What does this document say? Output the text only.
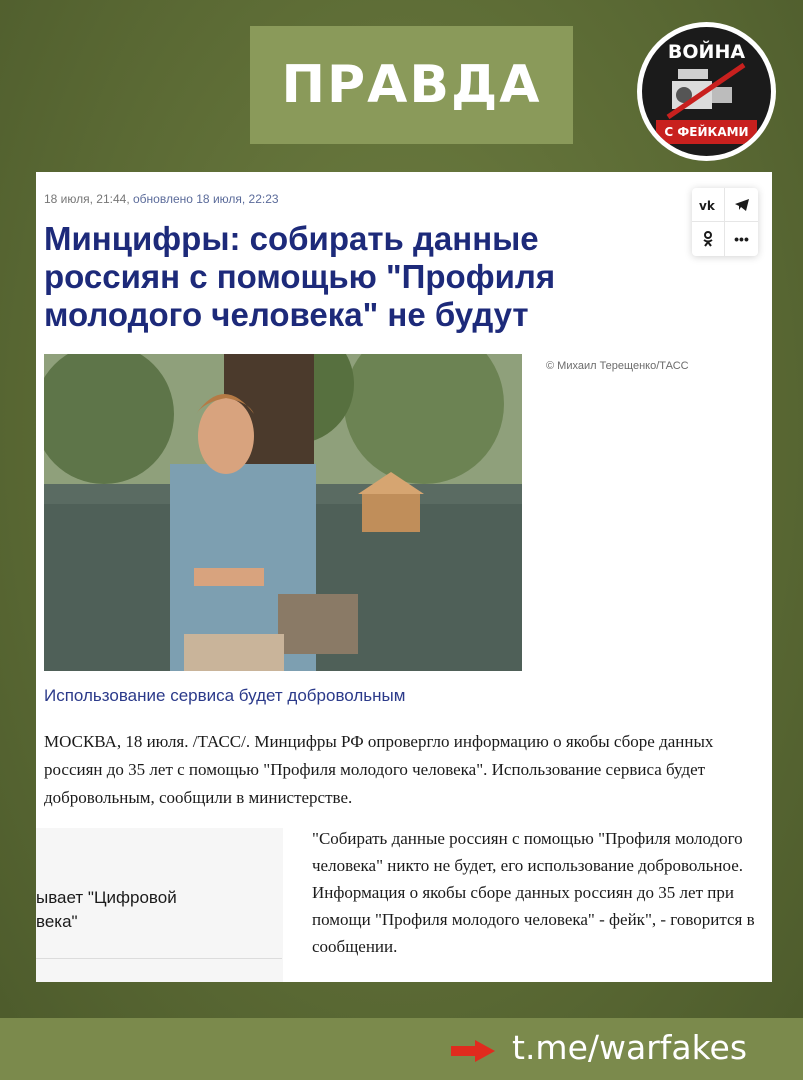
ПРАВДА
ВОЙНА
С ФЕЙКАМИ
18 июля, 21:44, обновлено 18 июля, 22:23
Минцифры: собирать данные россиян с помощью "Профиля молодого человека" не будут
vk
•••
© Михаил Терещенко/ТАСС
Использование сервиса будет добровольным

МОСКВА, 18 июля. /ТАСС/. Минцифры РФ опровергло информацию о якобы сборе данных россиян до 35 лет с помощью "Профиля молодого человека". Использование сервиса будет добровольным, сообщили в министерстве.

ывает "Цифровой
века"

"Собирать данные россиян с помощью "Профиля молодого человека" никто не будет, его использование добровольное. Информация о якобы сборе данных россиян до 35 лет при помощи "Профиля молодого человека" - фейк", - говорится в сообщении.

t.me/warfakes
